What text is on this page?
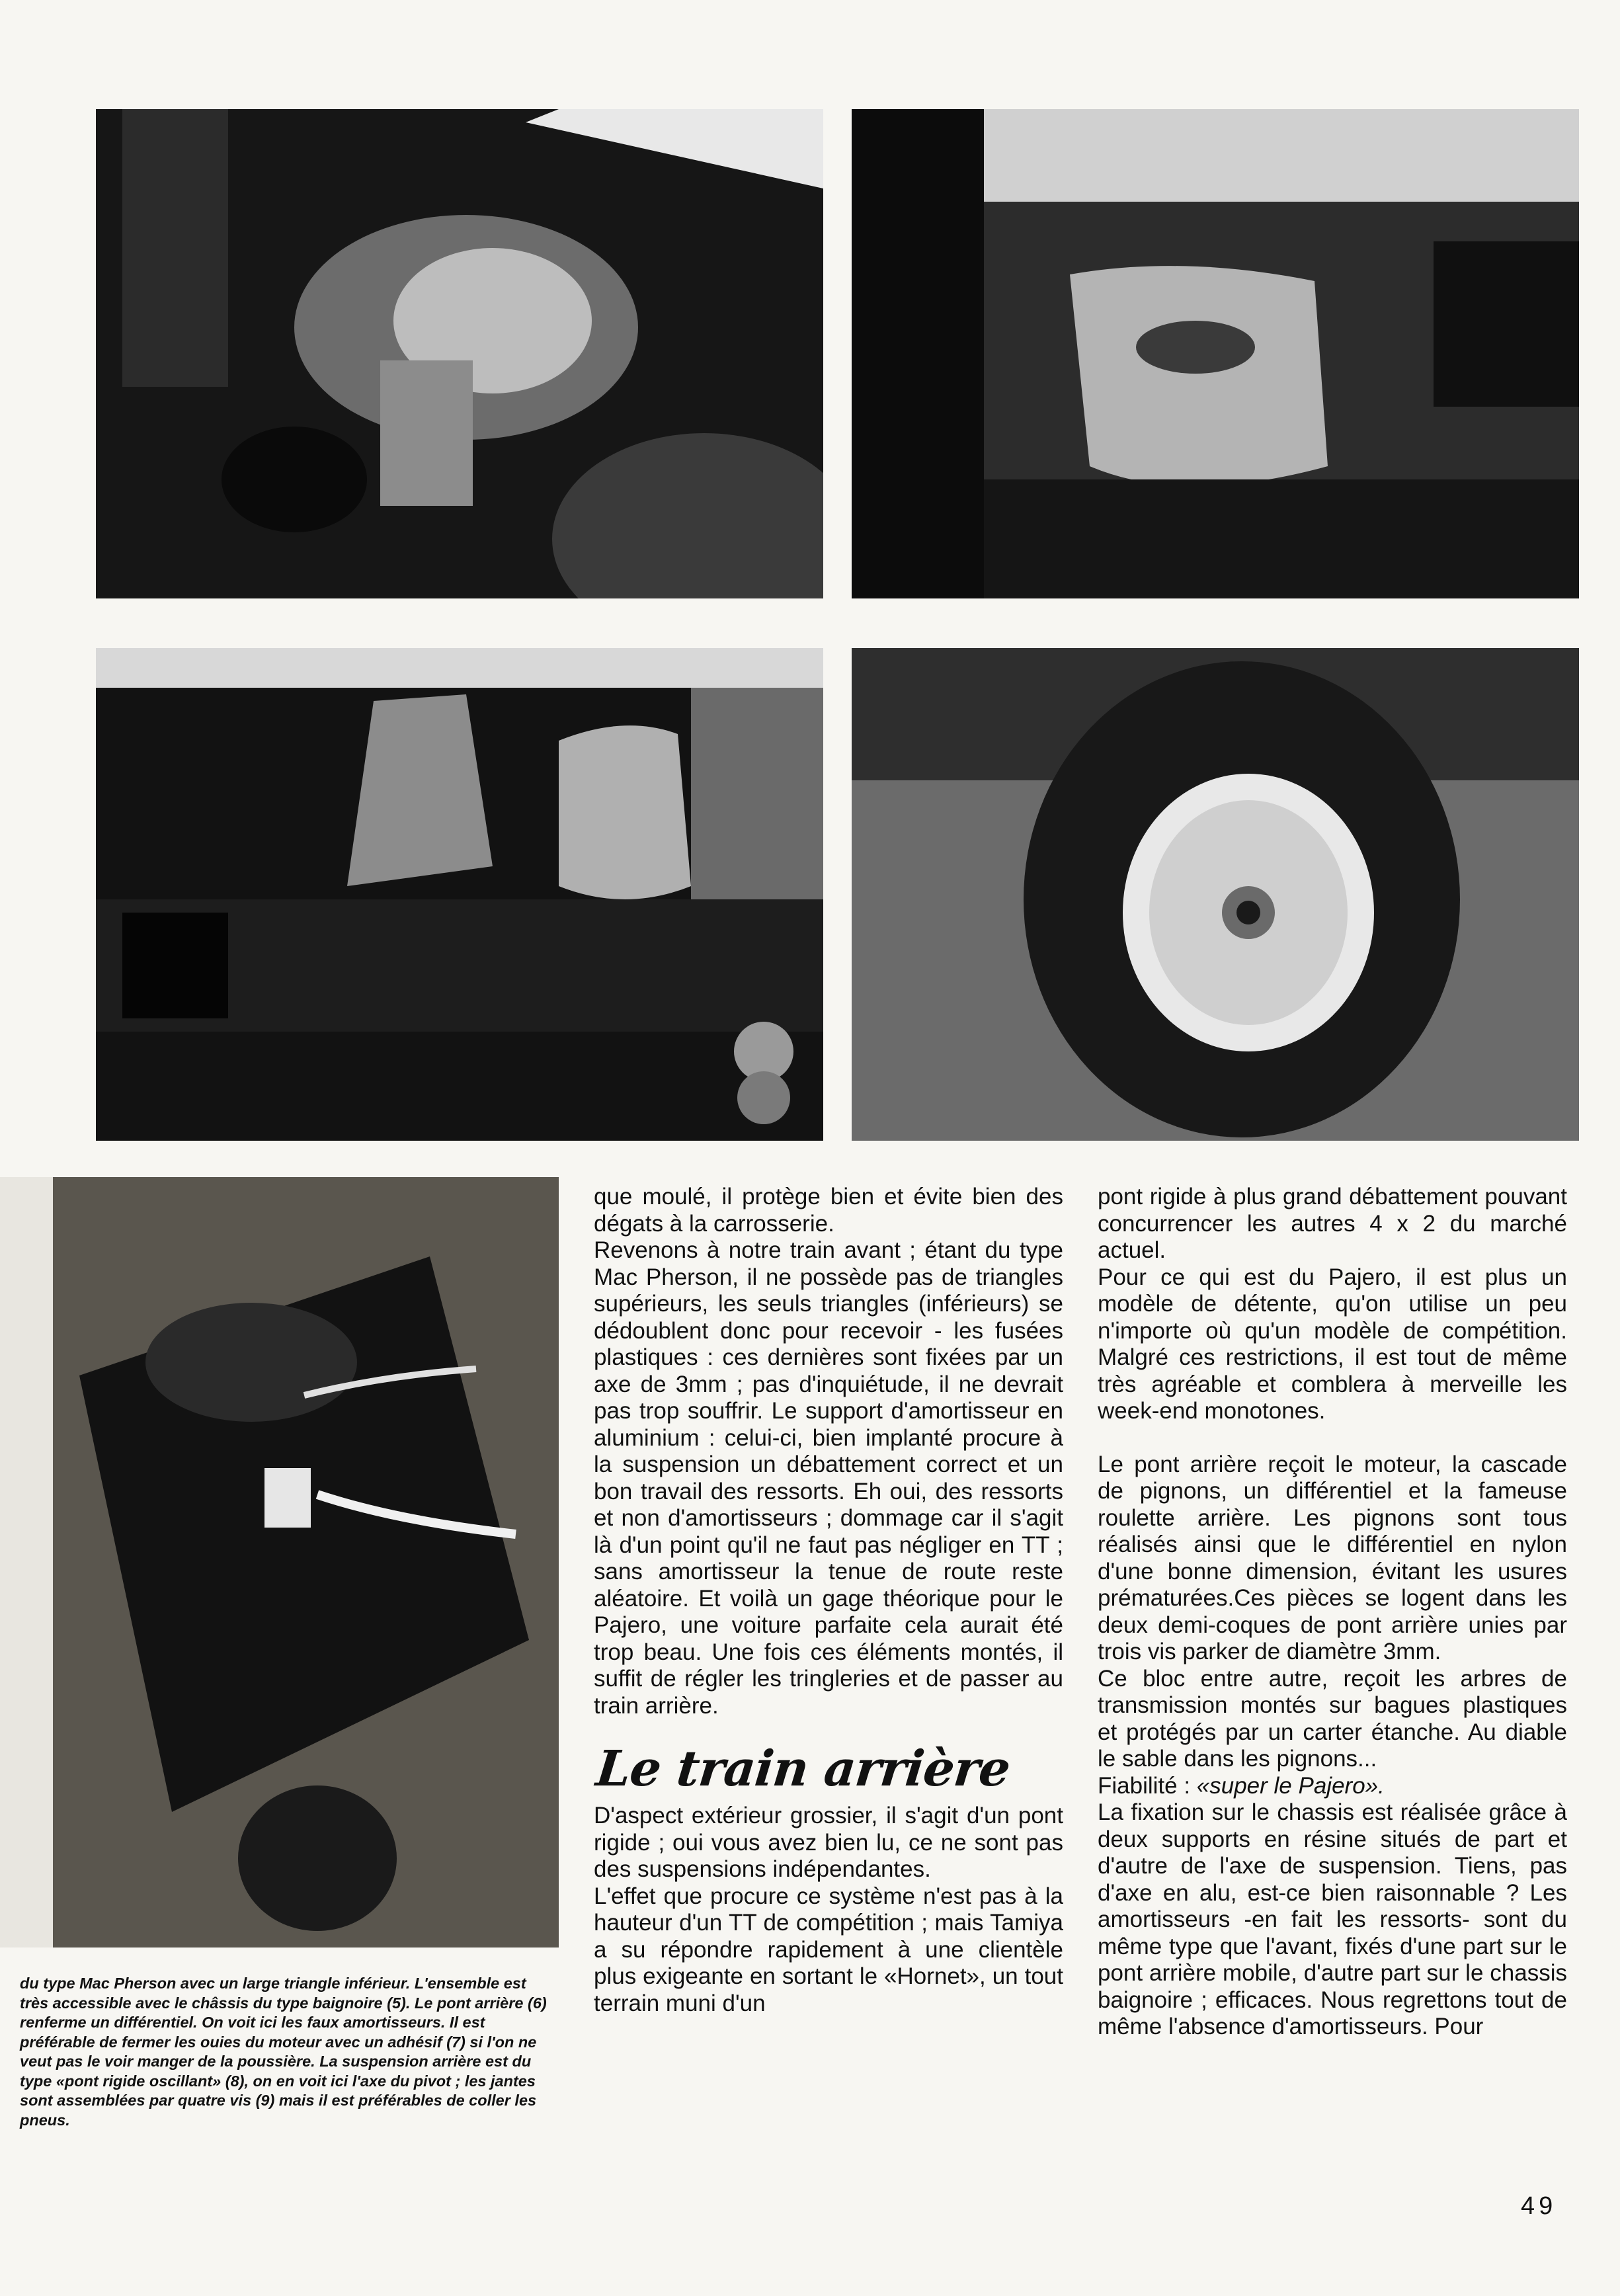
du type Mac Pherson avec un large triangle inférieur. L'ensemble est très accessible avec le châssis du type baignoire (5). Le pont arrière (6) renferme un différentiel. On voit ici les faux amortisseurs. Il est préférable de fermer les ouies du moteur avec un adhésif (7) si l'on ne veut pas le voir manger de la poussière. La suspension arrière est du type «pont rigide oscillant» (8), on en voit ici l'axe du pivot ; les jantes sont assemblées par quatre vis (9) mais il est préférables de coller les pneus.

que moulé, il protège bien et évite bien des dégats à la carrosserie.

Revenons à notre train avant ; étant du type Mac Pherson, il ne possède pas de triangles supérieurs, les seuls triangles (inférieurs) se dédoublent donc pour recevoir - les fusées plastiques : ces dernières sont fixées par un axe de 3mm ; pas d'inquiétude, il ne devrait pas trop souffrir. Le support d'amortisseur en aluminium : celui-ci, bien implanté procure à la suspension un débattement correct et un bon travail des ressorts. Eh oui, des ressorts et non d'amortisseurs ; dommage car il s'agit là d'un point qu'il ne faut pas négliger en TT ; sans amortisseur la tenue de route reste aléatoire. Et voilà un gage théorique pour le Pajero, une voiture parfaite cela aurait été trop beau. Une fois ces éléments montés, il suffit de régler les tringleries et de passer au train arrière.

Le train arrière

D'aspect extérieur grossier, il s'agit d'un pont rigide ; oui vous avez bien lu, ce ne sont pas des suspensions indépendantes.

L'effet que procure ce système n'est pas à la hauteur d'un TT de compétition ; mais Tamiya a su répondre rapidement à une clientèle plus exigeante en sortant le «Hornet», un tout terrain muni d'un

pont rigide à plus grand débattement pouvant concurrencer les autres 4 x 2 du marché actuel.

Pour ce qui est du Pajero, il est plus un modèle de détente, qu'on utilise un peu n'importe où qu'un modèle de compétition. Malgré ces restrictions, il est tout de même très agréable et comblera à merveille les week-end monotones.

Le pont arrière reçoit le moteur, la cascade de pignons, un différentiel et la fameuse roulette arrière. Les pignons sont tous réalisés ainsi que le différentiel en nylon d'une bonne dimension, évitant les usures prématurées.Ces pièces se logent dans les deux demi-coques de pont arrière unies par trois vis parker de diamètre 3mm.

Ce bloc entre autre, reçoit les arbres de transmission montés sur bagues plastiques et protégés par un carter étanche. Au diable le sable dans les pignons...

Fiabilité : «super le Pajero».

La fixation sur le chassis est réalisée grâce à deux supports en résine situés de part et d'autre de l'axe de suspension. Tiens, pas d'axe en alu, est-ce bien raisonnable ? Les amortisseurs -en fait les ressorts- sont du même type que l'avant, fixés d'une part sur le pont arrière mobile, d'autre part sur le chassis baignoire ; efficaces. Nous regrettons tout de même l'absence d'amortisseurs. Pour

49
